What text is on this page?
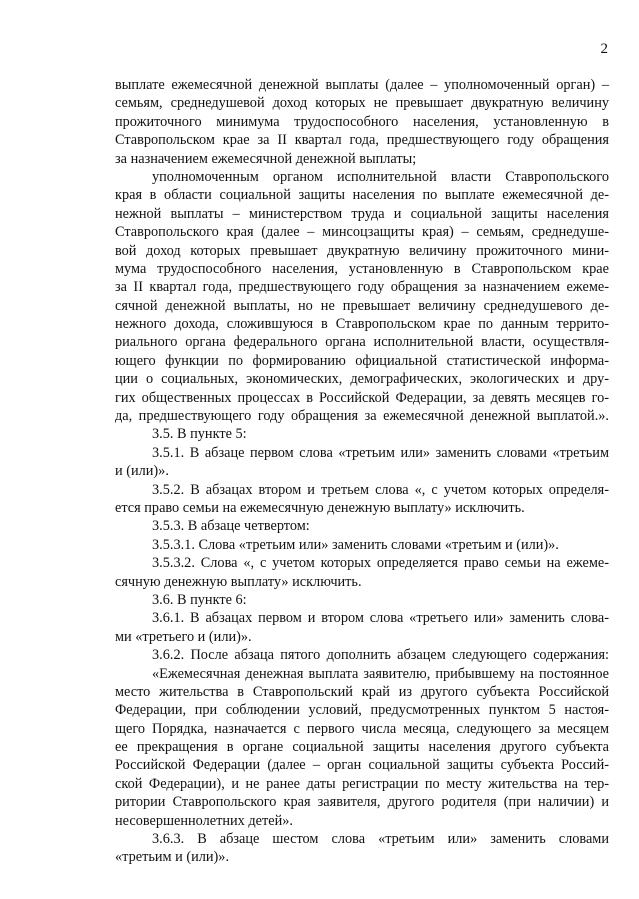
2
выплате ежемесячной денежной выплаты (далее – уполномоченный орган) –
семьям, среднедушевой доход которых не превышает двукратную величину
прожиточного минимума трудоспособного населения, установленную в
Ставропольском крае за II квартал года, предшествующего году обращения
за назначением ежемесячной денежной выплаты;
уполномоченным органом исполнительной власти Ставропольского
края в области социальной защиты населения по выплате ежемесячной де-
нежной выплаты – министерством труда и социальной защиты населения
Ставропольского края (далее – минсоцзащиты края) – семьям, среднедуше-
вой доход которых превышает двукратную величину прожиточного мини-
мума трудоспособного населения, установленную в Ставропольском крае
за II квартал года, предшествующего году обращения за назначением ежеме-
сячной денежной выплаты, но не превышает величину среднедушевого де-
нежного дохода, сложившуюся в Ставропольском крае по данным террито-
риального органа федерального органа исполнительной власти, осуществля-
ющего функции по формированию официальной статистической информа-
ции о социальных, экономических, демографических, экологических и дру-
гих общественных процессах в Российской Федерации, за девять месяцев го-
да, предшествующего году обращения за ежемесячной денежной выплатой.».
3.5. В пункте 5:
3.5.1. В абзаце первом слова «третьим или» заменить словами «третьим
и (или)».
3.5.2. В абзацах втором и третьем слова «, с учетом которых определя-
ется право семьи на ежемесячную денежную выплату» исключить.
3.5.3. В абзаце четвертом:
3.5.3.1. Слова «третьим или» заменить словами «третьим и (или)».
3.5.3.2. Слова «, с учетом которых определяется право семьи на ежеме-
сячную денежную выплату» исключить.
3.6. В пункте 6:
3.6.1. В абзацах первом и втором слова «третьего или» заменить слова-
ми «третьего и (или)».
3.6.2. После абзаца пятого дополнить абзацем следующего содержания:
«Ежемесячная денежная выплата заявителю, прибывшему на постоянное
место жительства в Ставропольский край из другого субъекта Российской
Федерации, при соблюдении условий, предусмотренных пунктом 5 настоя-
щего Порядка, назначается с первого числа месяца, следующего за месяцем
ее прекращения в органе социальной защиты населения другого субъекта
Российской Федерации (далее – орган социальной защиты субъекта Россий-
ской Федерации), и не ранее даты регистрации по месту жительства на тер-
ритории Ставропольского края заявителя, другого родителя (при наличии) и
несовершеннолетних детей».
3.6.3. В абзаце шестом слова «третьим или» заменить словами
«третьим и (или)».
